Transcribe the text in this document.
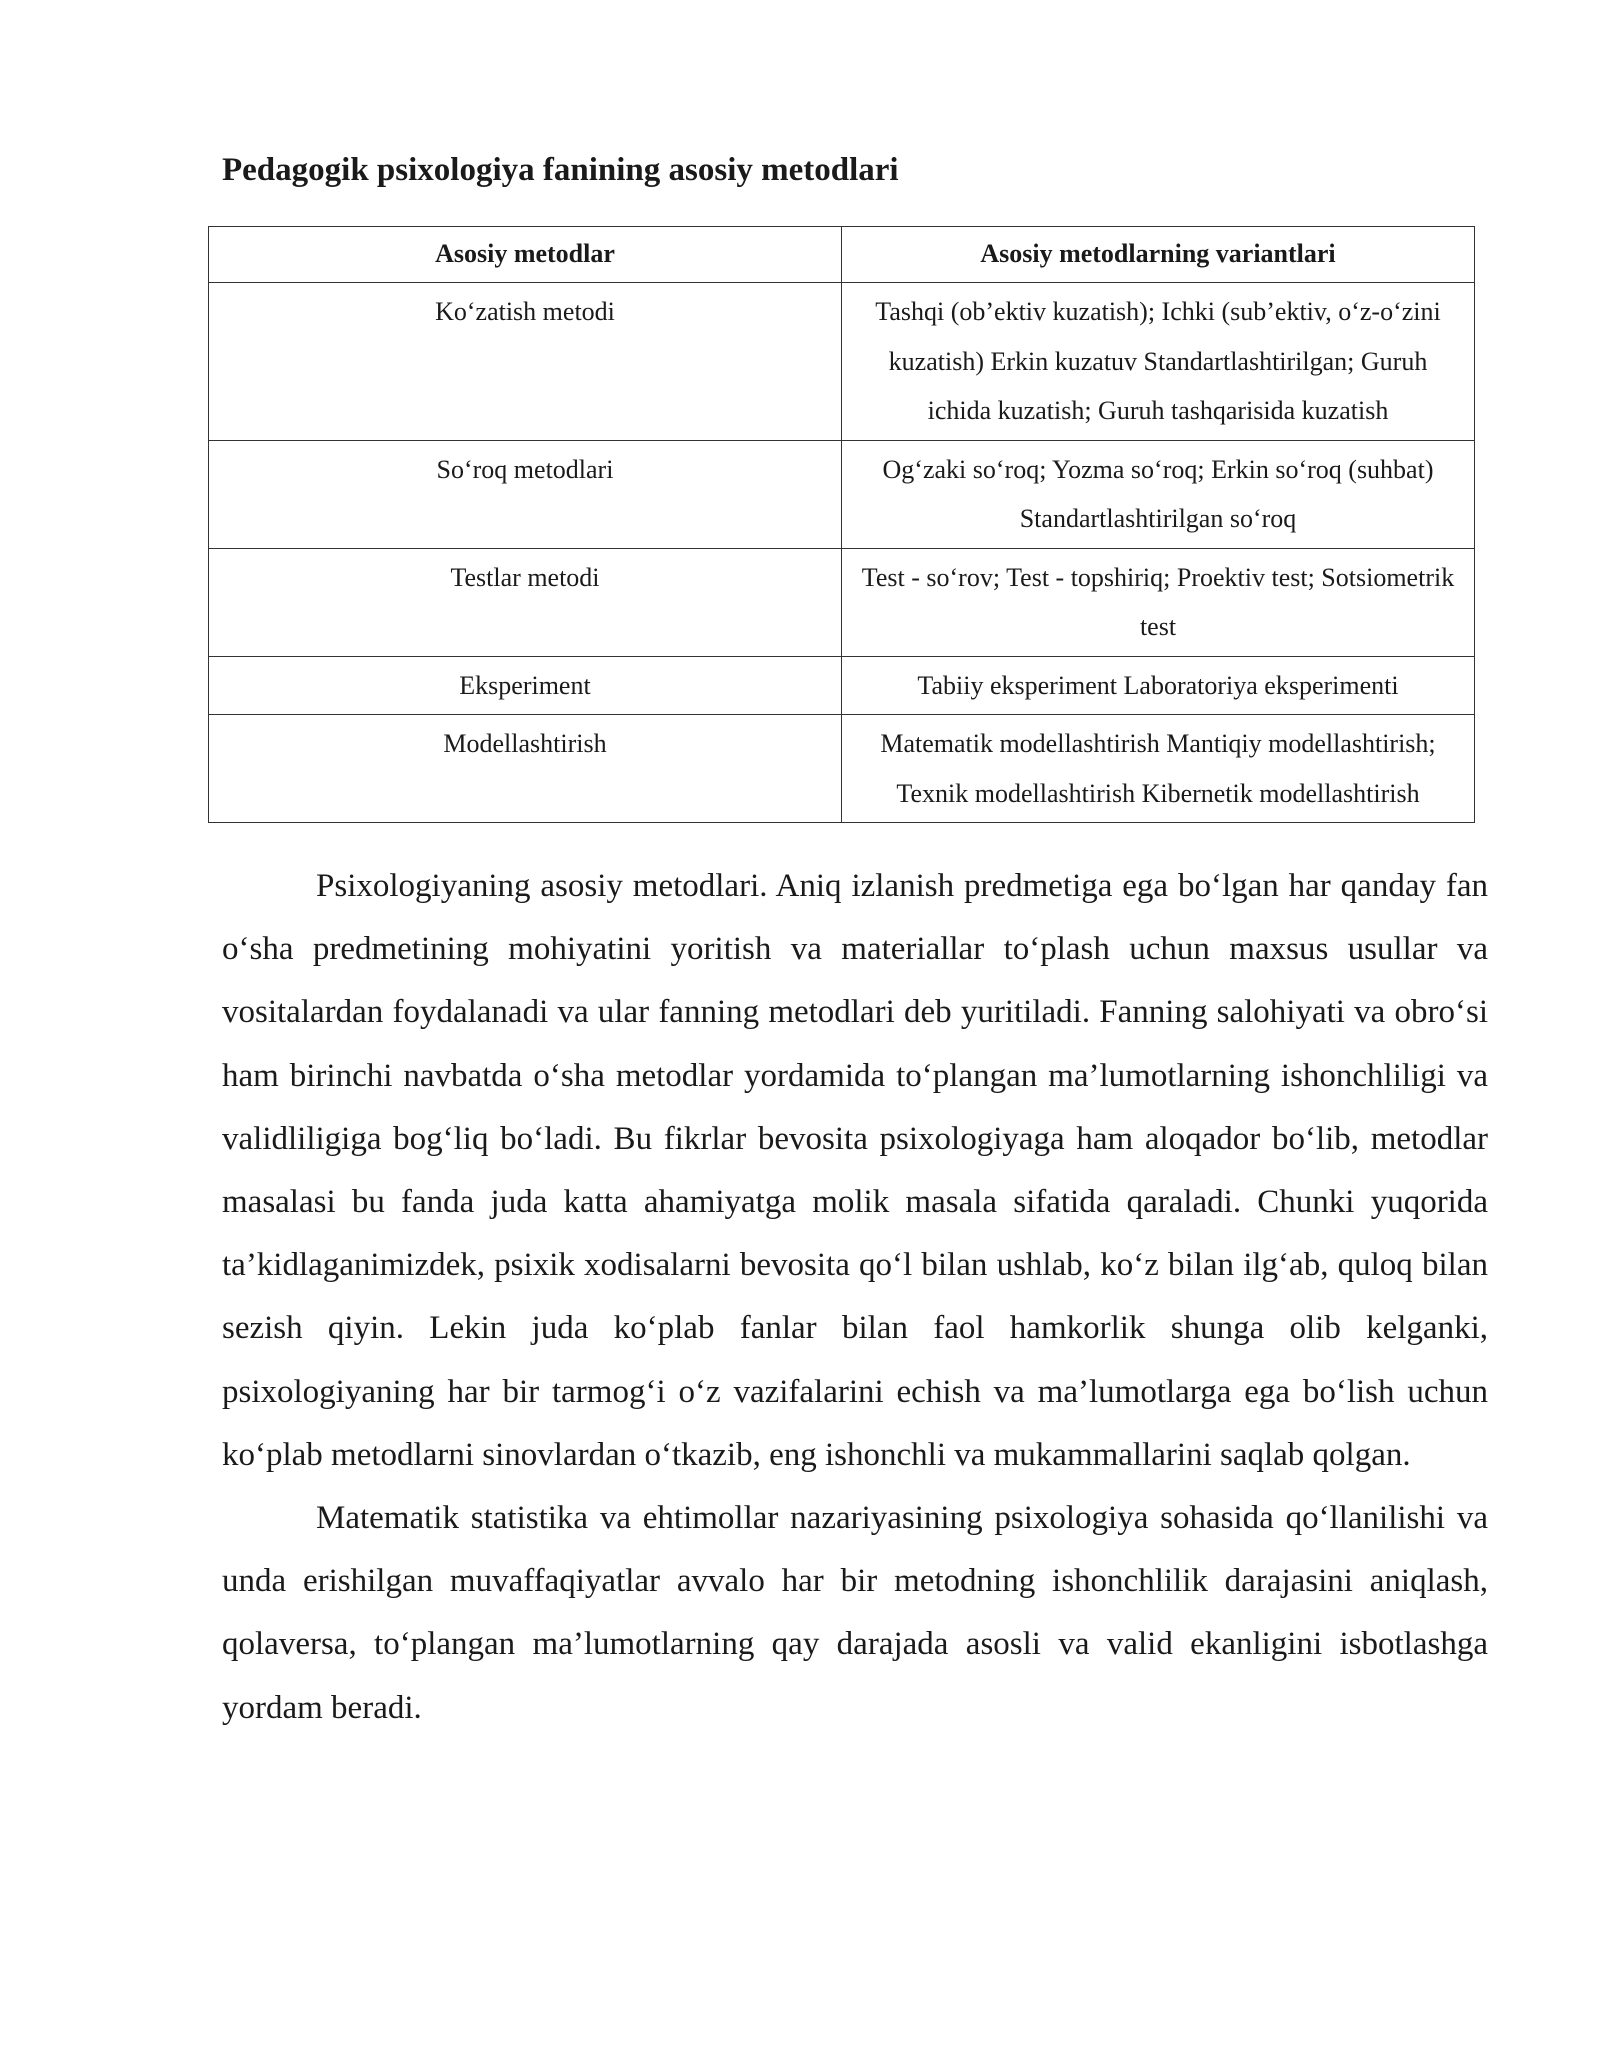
Pedagogik psixologiya fanining asosiy metodlari
Asosiy metodlar	Asosiy metodlarning variantlari
Ko‘zatish metodi	Tashqi (ob’ektiv kuzatish); Ichki (sub’ektiv, o‘z-o‘zini kuzatish) Erkin kuzatuv Standartlashtirilgan; Guruh ichida kuzatish; Guruh tashqarisida kuzatish
So‘roq metodlari	Og‘zaki so‘roq; Yozma so‘roq; Erkin so‘roq (suhbat) Standartlashtirilgan so‘roq
Testlar metodi	Test - so‘rov; Test - topshiriq; Proektiv test; Sotsiometrik test
Eksperiment	Tabiiy eksperiment Laboratoriya eksperimenti
Modellashtirish	Matematik modellashtirish Mantiqiy modellashtirish; Texnik modellashtirish Kibernetik modellashtirish

Psixologiyaning asosiy metodlari. Aniq izlanish predmetiga ega bo‘lgan har qanday fan o‘sha predmetining mohiyatini yoritish va materiallar to‘plash uchun maxsus usullar va vositalardan foydalanadi va ular fanning metodlari deb yuritiladi. Fanning salohiyati va obro‘si ham birinchi navbatda o‘sha metodlar yordamida to‘plangan ma’lumotlarning ishonchliligi va validliligiga bog‘liq bo‘ladi. Bu fikrlar bevosita psixologiyaga ham aloqador bo‘lib, metodlar masalasi bu fanda juda katta ahamiyatga molik masala sifatida qaraladi. Chunki yuqorida ta’kidlaganimizdek, psixik xodisalarni bevosita qo‘l bilan ushlab, ko‘z bilan ilg‘ab, quloq bilan sezish qiyin. Lekin juda ko‘plab fanlar bilan faol hamkorlik shunga olib kelganki, psixologiyaning har bir tarmog‘i o‘z vazifalarini echish va ma’lumotlarga ega bo‘lish uchun ko‘plab metodlarni sinovlardan o‘tkazib, eng ishonchli va mukammallarini saqlab qolgan.

Matematik statistika va ehtimollar nazariyasining psixologiya sohasida qo‘llanilishi va unda erishilgan muvaffaqiyatlar avvalo har bir metodning ishonchlilik darajasini aniqlash, qolaversa, to‘plangan ma’lumotlarning qay darajada asosli va valid ekanligini isbotlashga yordam beradi.
